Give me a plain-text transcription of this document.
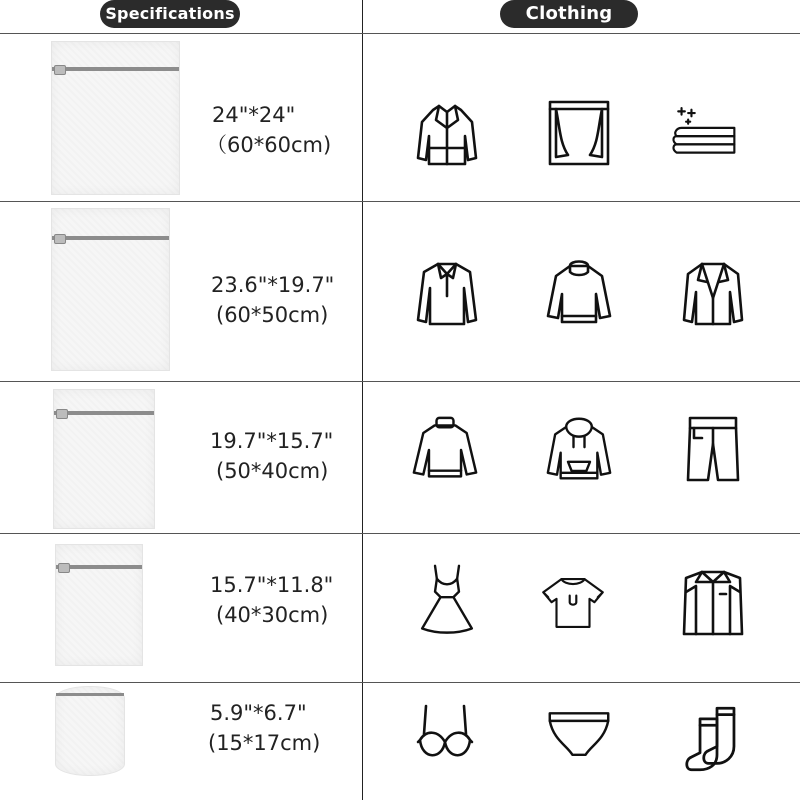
Specifications	Clothing
24"*24"
（60*60cm)
23.6"*19.7"
(60*50cm)
19.7"*15.7"
(50*40cm)
15.7"*11.8"
(40*30cm)
5.9"*6.7"
(15*17cm)
